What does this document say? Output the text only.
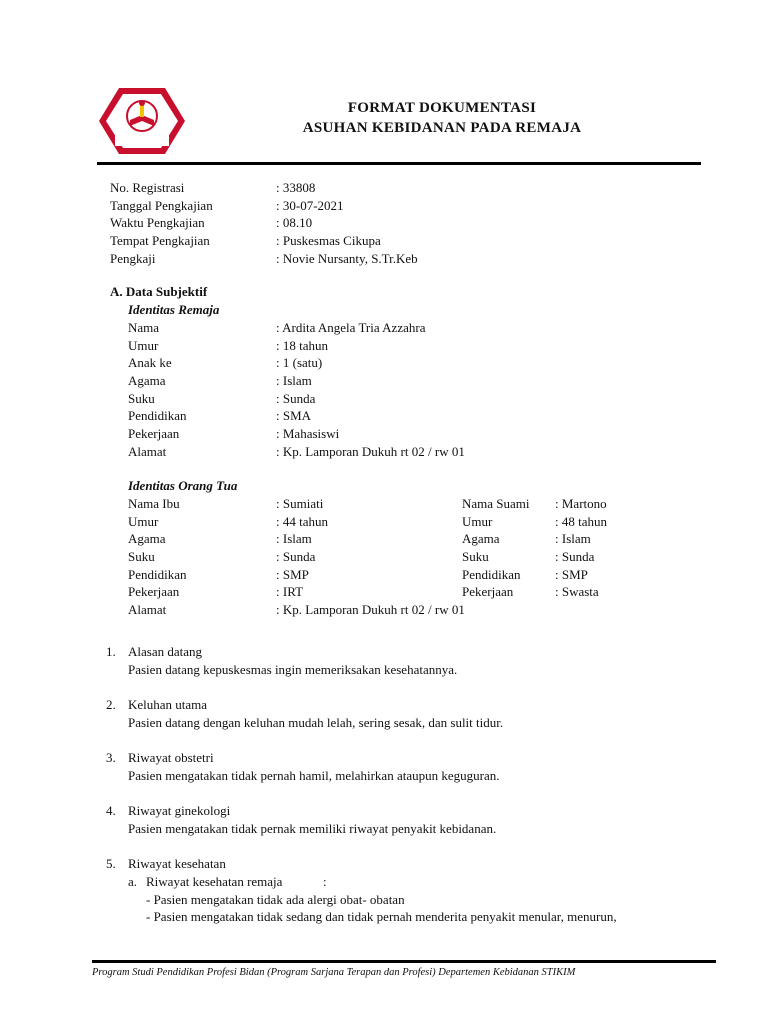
FORMAT DOKUMENTASI
ASUHAN KEBIDANAN PADA REMAJA
No. Registrasi	: 33808
Tanggal Pengkajian	: 30-07-2021
Waktu Pengkajian	: 08.10
Tempat Pengkajian	: Puskesmas Cikupa
Pengkaji	: Novie Nursanty, S.Tr.Keb
A. Data Subjektif
Identitas Remaja
Nama	: Ardita Angela Tria Azzahra
Umur	: 18 tahun
Anak ke	: 1 (satu)
Agama	: Islam
Suku	: Sunda
Pendidikan	: SMA
Pekerjaan	: Mahasiswi
Alamat	: Kp. Lamporan Dukuh rt 02 / rw 01
Identitas Orang Tua
Nama Ibu	: Sumiati	Nama Suami : Martono
Umur	: 44 tahun	Umur	: 48 tahun
Agama	: Islam	Agama	: Islam
Suku	: Sunda	Suku	: Sunda
Pendidikan	: SMP	Pendidikan	: SMP
Pekerjaan	: IRT	Pekerjaan	: Swasta
Alamat	: Kp. Lamporan Dukuh rt 02 / rw 01
1. Alasan datang
Pasien datang kepuskesmas ingin memeriksakan kesehatannya.
2. Keluhan utama
Pasien datang dengan keluhan mudah lelah, sering sesak, dan sulit tidur.
3. Riwayat obstetri
Pasien mengatakan tidak pernah hamil, melahirkan ataupun keguguran.
4. Riwayat ginekologi
Pasien mengatakan tidak pernak memiliki riwayat penyakit kebidanan.
5. Riwayat kesehatan
a. Riwayat kesehatan remaja	:
- Pasien mengatakan tidak ada alergi obat- obatan
- Pasien mengatakan tidak sedang dan tidak pernah menderita penyakit menular, menurun,
Program Studi Pendidikan Profesi Bidan (Program Sarjana Terapan dan Profesi) Departemen Kebidanan STIKIM
